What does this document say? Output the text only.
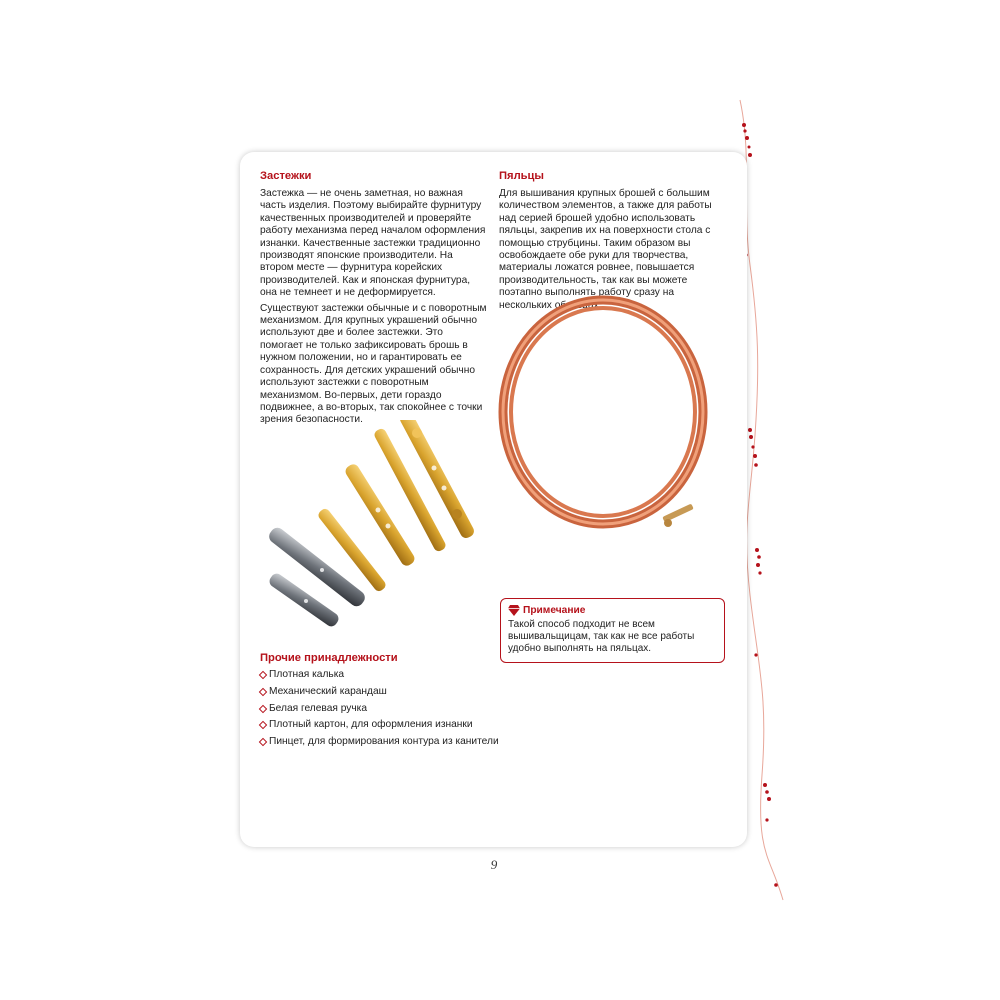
Застежки

Застежка — не очень заметная, но важная часть изделия. Поэтому выбирайте фурнитуру качественных производителей и проверяйте работу механизма перед началом оформления изнанки. Качественные застежки традиционно производят японские производители. На втором месте — фурнитура корейских производителей. Как и японская фурнитура, она не темнеет и не деформируется.

Существуют застежки обычные и с поворотным механизмом. Для крупных украшений обычно используют две и более застежки. Это помогает не только зафиксировать брошь в нужном положении, но и гарантировать ее сохранность. Для детских украшений обычно используют застежки с поворотным механизмом. Во-первых, дети гораздо подвижнее, а во-вторых, так спокойнее с точки зрения безопасности.

Пяльцы

Для вышивания крупных брошей с большим количеством элементов, а также для работы над серией брошей удобно использовать пяльцы, закрепив их на поверхности стола с помощью струбцины. Таким образом вы освобождаете обе руки для творчества, материалы ложатся ровнее, повышается производительность, так как вы можете поэтапно выполнять работу сразу на нескольких образцах.

Примечание
Такой способ подходит не всем вышивальщицам, так как не все работы удобно выполнять на пяльцах.
Прочие принадлежности
Плотная калька
Механический карандаш
Белая гелевая ручка
Плотный картон, для оформления изнанки
Пинцет, для формирования контура из канители
9
